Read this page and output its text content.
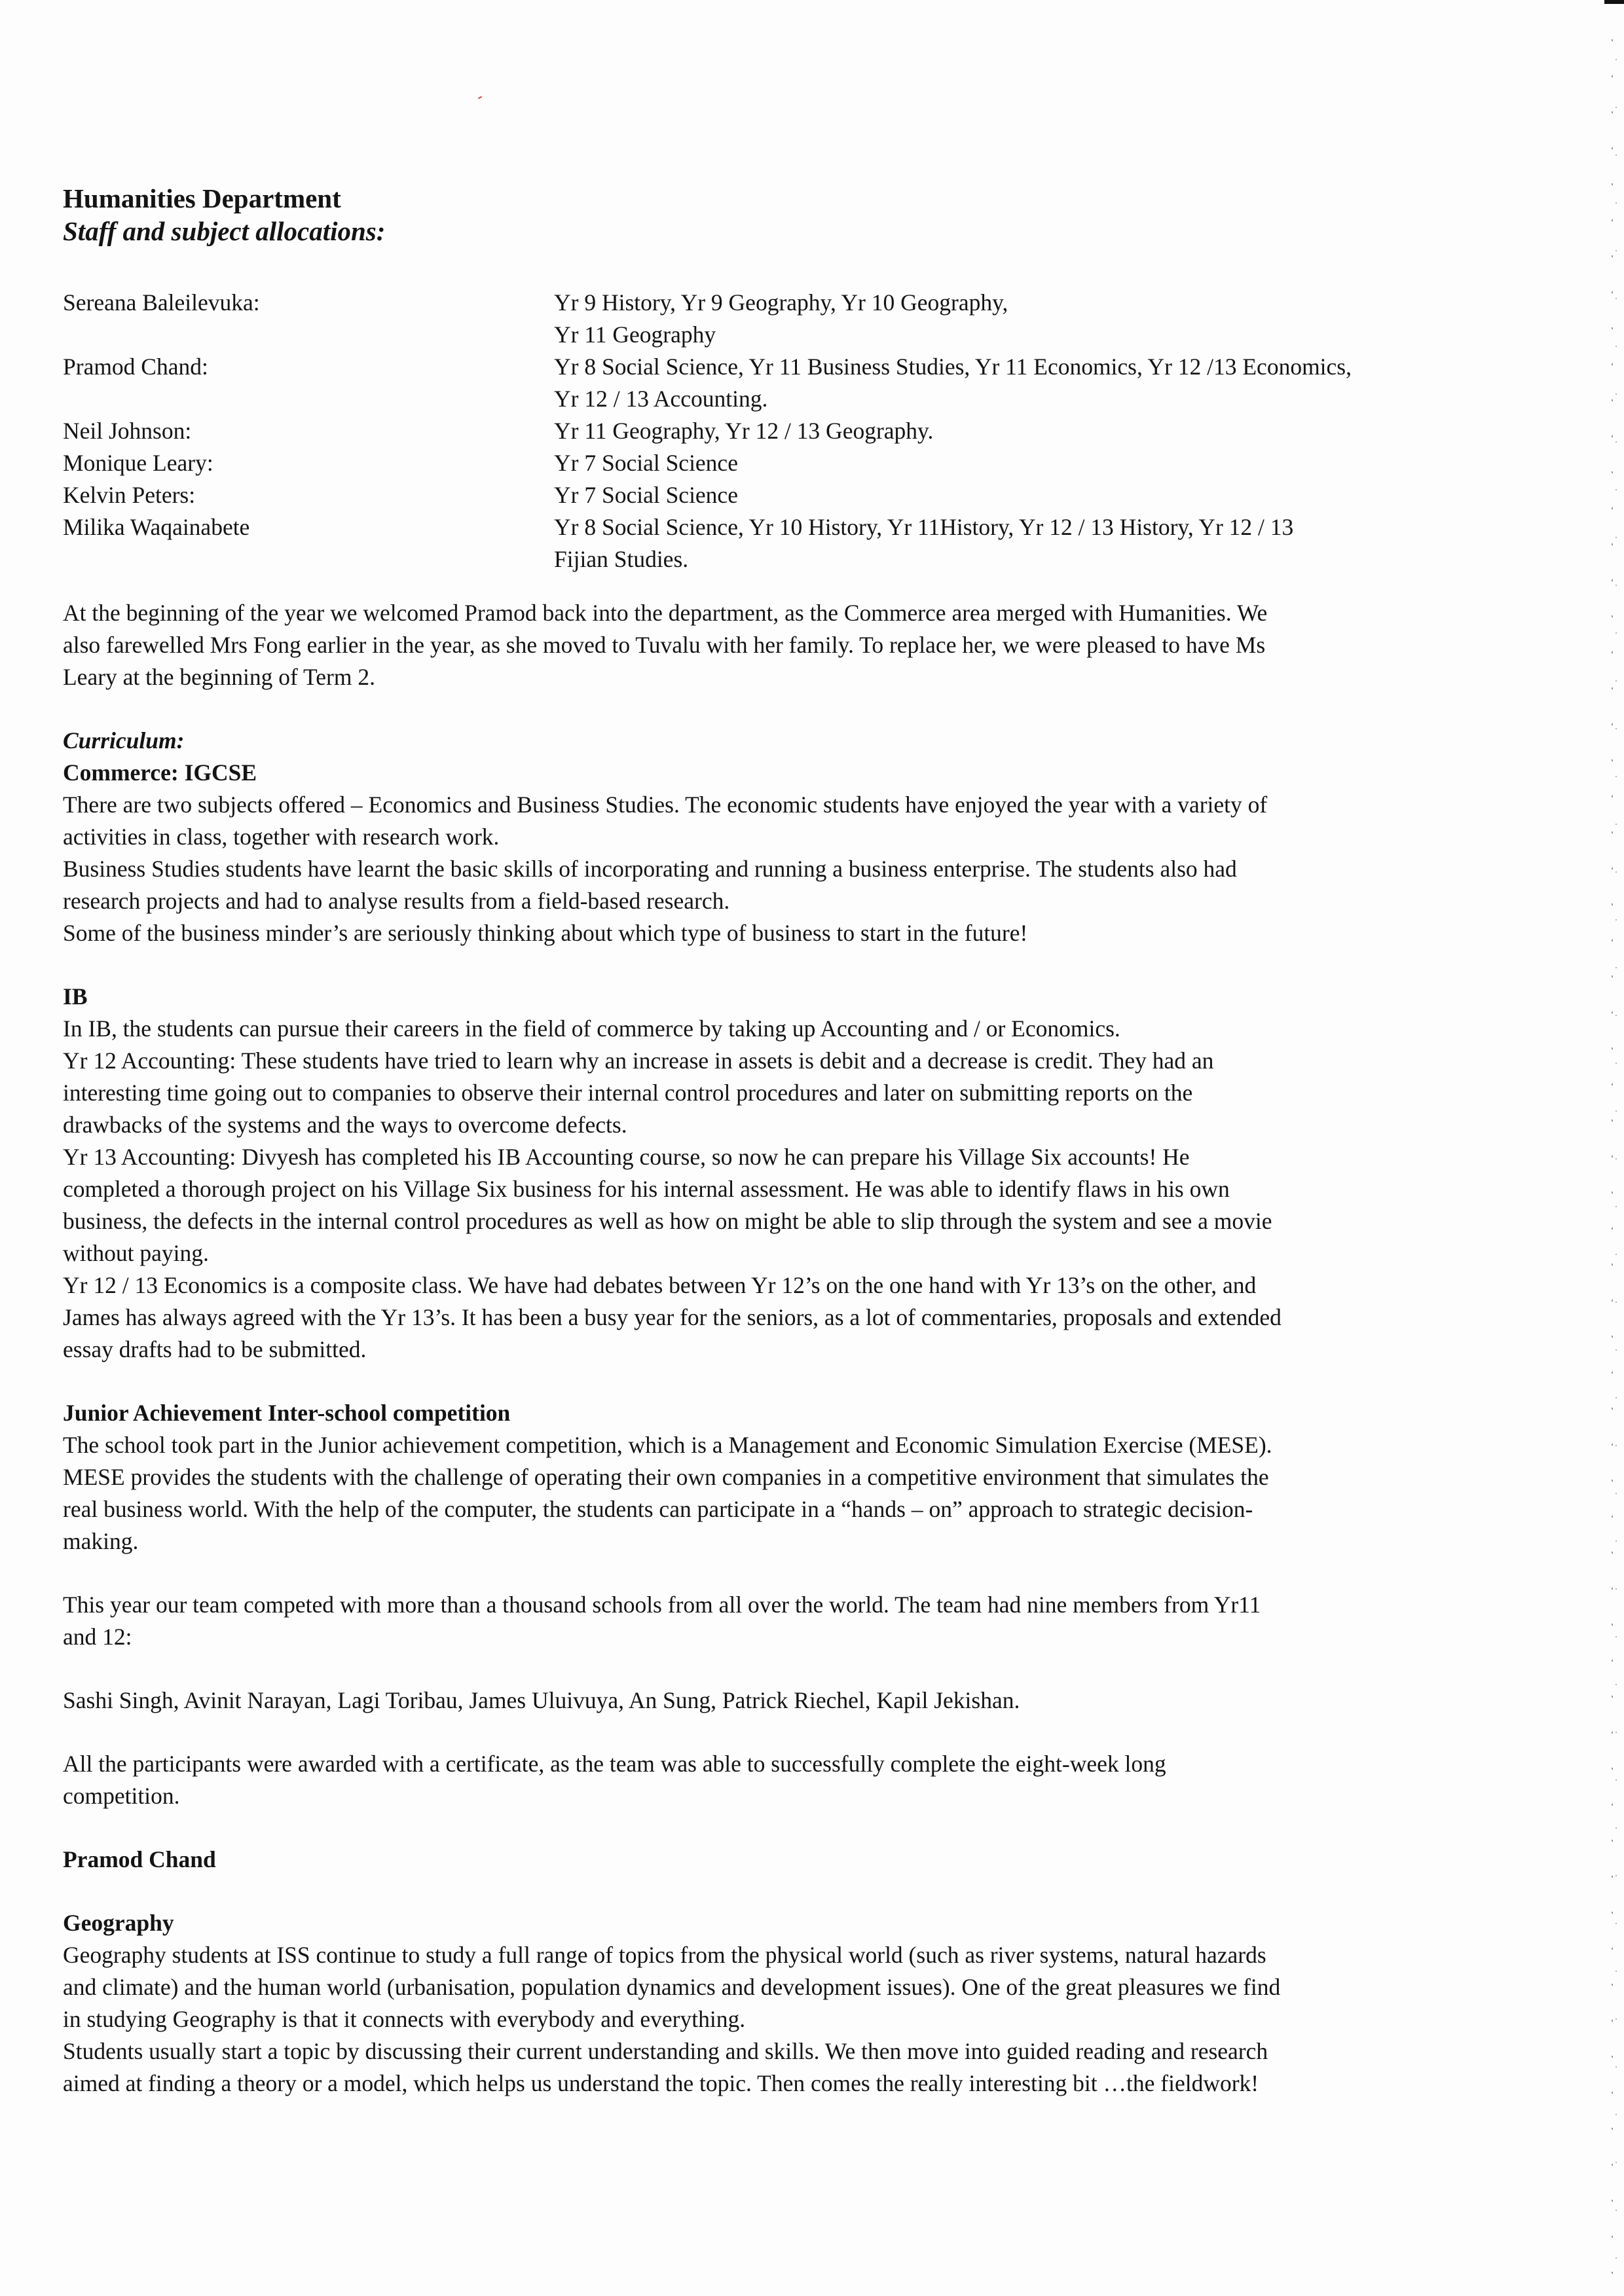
Humanities Department
Staff and subject allocations:
Sereana Baleilevuka:	Yr 9 History, Yr 9 Geography, Yr 10 Geography,
Yr 11 Geography
Pramod Chand:	Yr 8 Social Science, Yr 11 Business Studies, Yr 11 Economics, Yr 12 /13 Economics,
Yr 12 / 13 Accounting.
Neil Johnson:	Yr 11 Geography, Yr 12 / 13 Geography.
Monique Leary:	Yr 7 Social Science
Kelvin Peters:	Yr 7 Social Science
Milika Waqainabete	Yr 8 Social Science, Yr 10 History, Yr 11History, Yr 12 / 13 History, Yr 12 / 13
Fijian Studies.

At the beginning of the year we welcomed Pramod back into the department, as the Commerce area merged with Humanities. We

also farewelled Mrs Fong earlier in the year, as she moved to Tuvalu with her family. To replace her, we were pleased to have Ms

Leary at the beginning of Term 2.

Curriculum:

Commerce: IGCSE

There are two subjects offered – Economics and Business Studies. The economic students have enjoyed the year with a variety of

activities in class, together with research work.

Business Studies students have learnt the basic skills of incorporating and running a business enterprise. The students also had

research projects and had to analyse results from a field-based research.

Some of the business minder’s are seriously thinking about which type of business to start in the future!

IB

In IB, the students can pursue their careers in the field of commerce by taking up Accounting and / or Economics.

Yr 12 Accounting: These students have tried to learn why an increase in assets is debit and a decrease is credit. They had an

interesting time going out to companies to observe their internal control procedures and later on submitting reports on the

drawbacks of the systems and the ways to overcome defects.

Yr 13 Accounting: Divyesh has completed his IB Accounting course, so now he can prepare his Village Six accounts! He

completed a thorough project on his Village Six business for his internal assessment. He was able to identify flaws in his own

business, the defects in the internal control procedures as well as how on might be able to slip through the system and see a movie

without paying.

Yr 12 / 13 Economics is a composite class. We have had debates between Yr 12’s on the one hand with Yr 13’s on the other, and

James has always agreed with the Yr 13’s. It has been a busy year for the seniors, as a lot of commentaries, proposals and extended

essay drafts had to be submitted.

Junior Achievement Inter-school competition

The school took part in the Junior achievement competition, which is a Management and Economic Simulation Exercise (MESE).

MESE provides the students with the challenge of operating their own companies in a competitive environment that simulates the

real business world. With the help of the computer, the students can participate in a “hands – on” approach to strategic decision-

making.

This year our team competed with more than a thousand schools from all over the world. The team had nine members from Yr11

and 12:

Sashi Singh, Avinit Narayan, Lagi Toribau, James Uluivuya, An Sung, Patrick Riechel, Kapil Jekishan.

All the participants were awarded with a certificate, as the team was able to successfully complete the eight-week long

competition.

Pramod Chand

Geography

Geography students at ISS continue to study a full range of topics from the physical world (such as river systems, natural hazards

and climate) and the human world (urbanisation, population dynamics and development issues). One of the great pleasures we find

in studying Geography is that it connects with everybody and everything.

Students usually start a topic by discussing their current understanding and skills. We then move into guided reading and research

aimed at finding a theory or a model, which helps us understand the topic. Then comes the really interesting bit …the fieldwork!
